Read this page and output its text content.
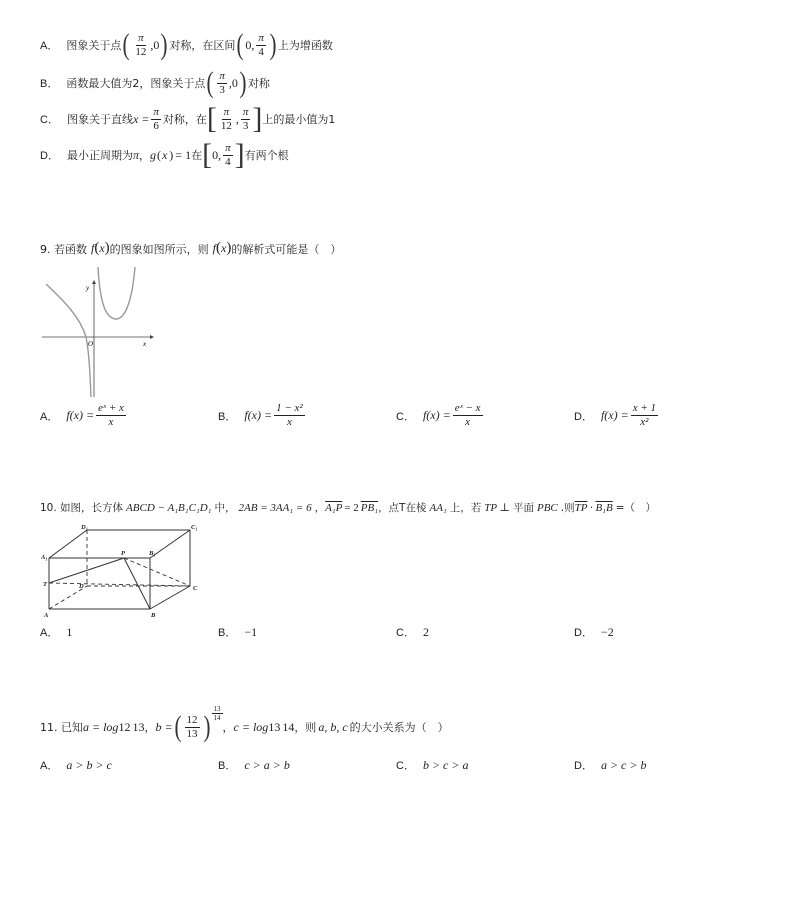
A． 图象关于点 ( $\frac{\pi}{12} ,0$ ) 对称，在区间 ( 0, $\frac{\pi}{4}$ ) 上为增函数
B． 函数最大值为2，图象关于点 ( $\frac{\pi}{3} ,0$ ) 对称
C． 图象关于直线 $x = \frac{\pi}{6}$ 对称，在 [ $\frac{\pi}{12}$ , $\frac{\pi}{3}$ ] 上的最小值为1
D． 最小正周期为 π ， g ( x ) = 1 在 [ 0, $\frac{\pi}{4}$ ] 有两个根
9. 若函数 f ( x ) 的图象如图所示，则 f ( x ) 的解析式可能是（　）
y
O	x
A． $f(x) = \frac{\text{eˣ + x}}{x}$	B． $f(x) = \frac{\text{1 − x²}}{x}$	C． $f(x) = \frac{\text{eˣ − x}}{x}$	D． $f(x) = \frac{x + 1}{\text{x²}}$
10. 如图，长方体 ABCD − A₁B₁C₁D₁ 中， 2AB = 3AA₁ = 6 ， A₁P = 2 PB₁ ，点T在棱 AA₁ 上，若 TP ⊥ 平面 PBC .则 $\overline{TP} \cdot B_1B$ =（　）
D₁	C₁
A₁
P	B₁
T	D	C
A	B
A． 1	B． −1	C． 2	D． −2
11. 已知 a = log 12 13 ， b = ( $\frac{12}{13}$ ) $\frac{13}{14}$
， c = log 13 14 ，则 a, b, c 的大小关系为（　）
A． a > b > c	B． c > a > b	C． b > c > a	D． a > c > b
